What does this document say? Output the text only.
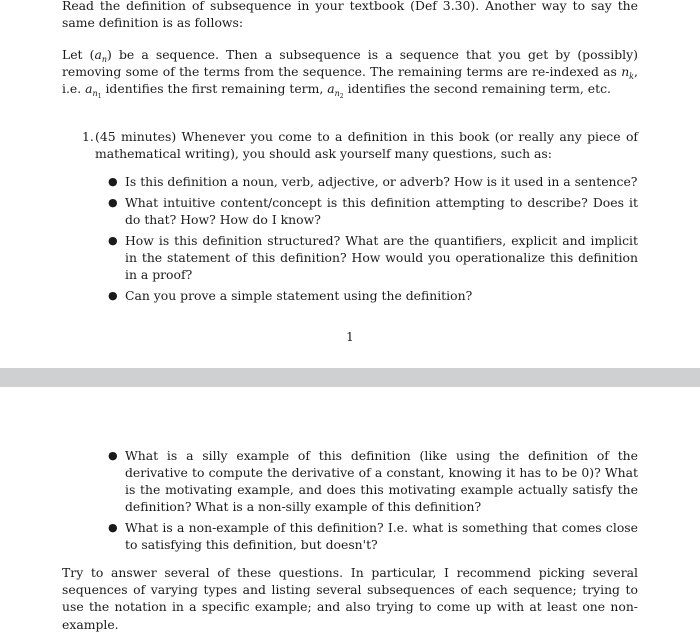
Read the definition of subsequence in your textbook (Def 3.30). Another way to say the same definition is as follows:

Let $(a_n)$ be a sequence. Then a subsequence is a sequence that you get by (possibly) removing some of the terms from the sequence. The remaining terms are re-indexed as $n_k$, i.e. $a_{n_1}$ identifies the first remaining term, $a_{n_2}$ identifies the second remaining term, etc.

1. (45 minutes) Whenever you come to a definition in this book (or really any piece of mathematical writing), you should ask yourself many questions, such as:

● Is this definition a noun, verb, adjective, or adverb? How is it used in a sentence?
● What intuitive content/concept is this definition attempting to describe? Does it do that? How? How do I know?
● How is this definition structured? What are the quantifiers, explicit and implicit in the statement of this definition? How would you operationalize this definition in a proof?
● Can you prove a simple statement using the definition?
1
● What is a silly example of this definition (like using the definition of the derivative to compute the derivative of a constant, knowing it has to be 0)? What is the motivating example, and does this motivating example actually satisfy the definition? What is a non-silly example of this definition?
● What is a non-example of this definition? I.e. what is something that comes close to satisfying this definition, but doesn't?

Try to answer several of these questions. In particular, I recommend picking several sequences of varying types and listing several subsequences of each sequence; trying to use the notation in a specific example; and also trying to come up with at least one non-example.
